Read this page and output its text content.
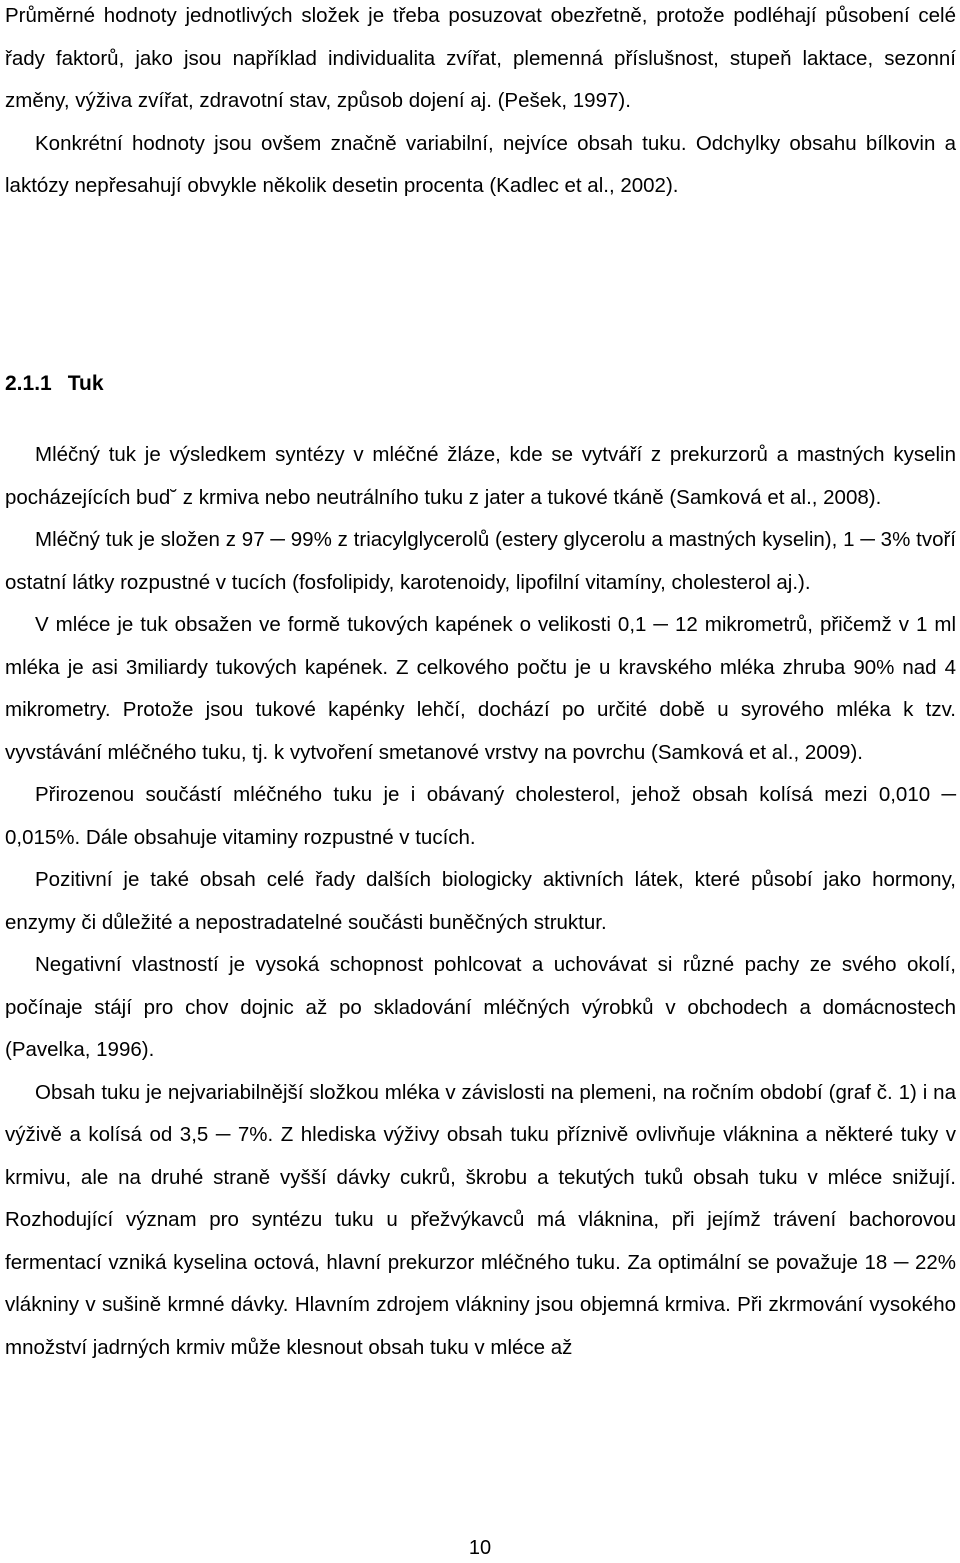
Průměrné hodnoty jednotlivých složek je třeba posuzovat obezřetně, protože podléhají působení celé řady faktorů, jako jsou například individualita zvířat, plemenná příslušnost, stupeň laktace, sezonní změny, výživa zvířat, zdravotní stav, způsob dojení aj. (Pešek, 1997).

Konkrétní hodnoty jsou ovšem značně variabilní, nejvíce obsah tuku. Odchylky obsahu bílkovin a laktózy nepřesahují obvykle několik desetin procenta (Kadlec et al., 2002).

2.1.1 Tuk

Mléčný tuk je výsledkem syntézy v mléčné žláze, kde se vytváří z prekurzorů a mastných kyselin pocházejících bud˘ z krmiva nebo neutrálního tuku z jater a tukové tkáně (Samková et al., 2008).

Mléčný tuk je složen z 97 ─ 99% z triacylglycerolů (estery glycerolu a mastných kyselin), 1 ─ 3% tvoří ostatní látky rozpustné v tucích (fosfolipidy, karotenoidy, lipofilní vitamíny, cholesterol aj.).

V mléce je tuk obsažen ve formě tukových kapének o velikosti 0,1 ─ 12 mikrometrů, přičemž v 1 ml mléka je asi 3miliardy tukových kapének. Z celkového počtu je u kravského mléka zhruba 90% nad 4 mikrometry. Protože jsou tukové kapénky lehčí, dochází po určité době u syrového mléka k tzv. vyvstávání mléčného tuku, tj. k vytvoření smetanové vrstvy na povrchu (Samková et al., 2009).

Přirozenou součástí mléčného tuku je i obávaný cholesterol, jehož obsah kolísá mezi 0,010 ─ 0,015%. Dále obsahuje vitaminy rozpustné v tucích.

Pozitivní je také obsah celé řady dalších biologicky aktivních látek, které působí jako hormony, enzymy či důležité a nepostradatelné součásti buněčných struktur.

Negativní vlastností je vysoká schopnost pohlcovat a uchovávat si různé pachy ze svého okolí, počínaje stájí pro chov dojnic až po skladování mléčných výrobků v obchodech a domácnostech (Pavelka, 1996).

Obsah tuku je nejvariabilnější složkou mléka v závislosti na plemeni, na ročním období (graf č. 1) i na výživě a kolísá od 3,5 ─ 7%. Z hlediska výživy obsah tuku příznivě ovlivňuje vláknina a některé tuky v krmivu, ale na druhé straně vyšší dávky cukrů, škrobu a tekutých tuků obsah tuku v mléce snižují. Rozhodující význam pro syntézu tuku u přežvýkavců má vláknina, při jejímž trávení bachorovou fermentací vzniká kyselina octová, hlavní prekurzor mléčného tuku. Za optimální se považuje 18 ─ 22% vlákniny v sušině krmné dávky. Hlavním zdrojem vlákniny jsou objemná krmiva. Při zkrmování vysokého množství jadrných krmiv může klesnout obsah tuku v mléce až

10
